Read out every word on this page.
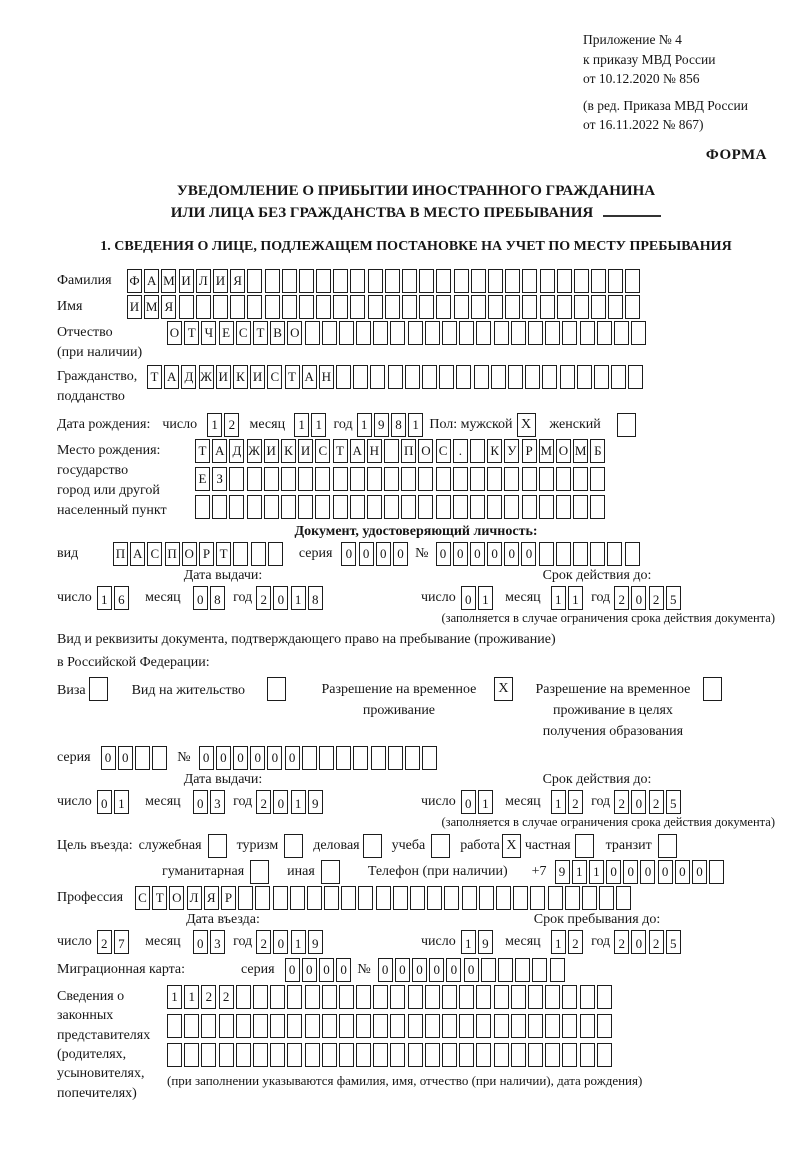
Приложение № 4
к приказу МВД России
от 10.12.2020 № 856
(в ред. Приказа МВД России
от 16.11.2022 № 867)
ФОРМА
УВЕДОМЛЕНИЕ О ПРИБЫТИИ ИНОСТРАННОГО ГРАЖДАНИНА
ИЛИ ЛИЦА БЕЗ ГРАЖДАНСТВА В МЕСТО ПРЕБЫВАНИЯ
1. СВЕДЕНИЯ О ЛИЦЕ, ПОДЛЕЖАЩЕМ ПОСТАНОВКЕ НА УЧЕТ ПО МЕСТУ ПРЕБЫВАНИЯ
Фамилия	Ф А М И Л И Я
Имя	И М Я
Отчество
(при наличии)
О Т Ч Е С Т В О
Гражданство,
подданство
Т А Д Ж И К И С Т А Н
Дата рождения: число	1 2	месяц	1 1 год 1 9 8 1 Пол: мужской X	женский
Место рождения:
государство
город или другой
населенный пункт
Т А Д Ж И К И С Т А Н П О С .	К У Р М О М Б
Е З
Документ, удостоверяющий личность:
вид	П А С П О Р Т	серия	0 0 0 0 № 0 0 0 0 0 0
Дата выдачи:
число 1 6	месяц	0 8 год 2 0 1 8
Срок действия до:
число 0 1	месяц	1 1 год 2 0 2 5
(заполняется в случае ограничения срока действия документа)
Вид и реквизиты документа, подтверждающего право на пребывание (проживание)
в Российской Федерации:
Виза	Вид на жительство	Разрешение на временное проживание
X	Разрешение на временное проживание в целях получения образования
серия	0 0	№ 0 0 0 0 0 0
Дата выдачи:
число 0 1	месяц	0 3 год 2 0 1 9
Срок действия до:
число 0 1	месяц	1 2 год 2 0 2 5
(заполняется в случае ограничения срока действия документа)
Цель въезда: служебная	туризм	деловая учеба	работа X частная	транзит
гуманитарная	иная	Телефон (при наличии) +7 9 1 1 0 0 0 0 0 0
Профессия	С Т О Л Я Р
Дата въезда:
число 2 7	месяц	0 3 год 2 0 1 9
Срок пребывания до:
число 1 9	месяц	1 2 год 2 0 2 5
Миграционная карта:	серия	0 0 0 0 № 0 0 0 0 0 0
Сведения о
законных
представителях
(родителях,
усыновителях,
попечителях)
1 1 2 2
(при заполнении указываются фамилия, имя, отчество (при наличии), дата рождения)
